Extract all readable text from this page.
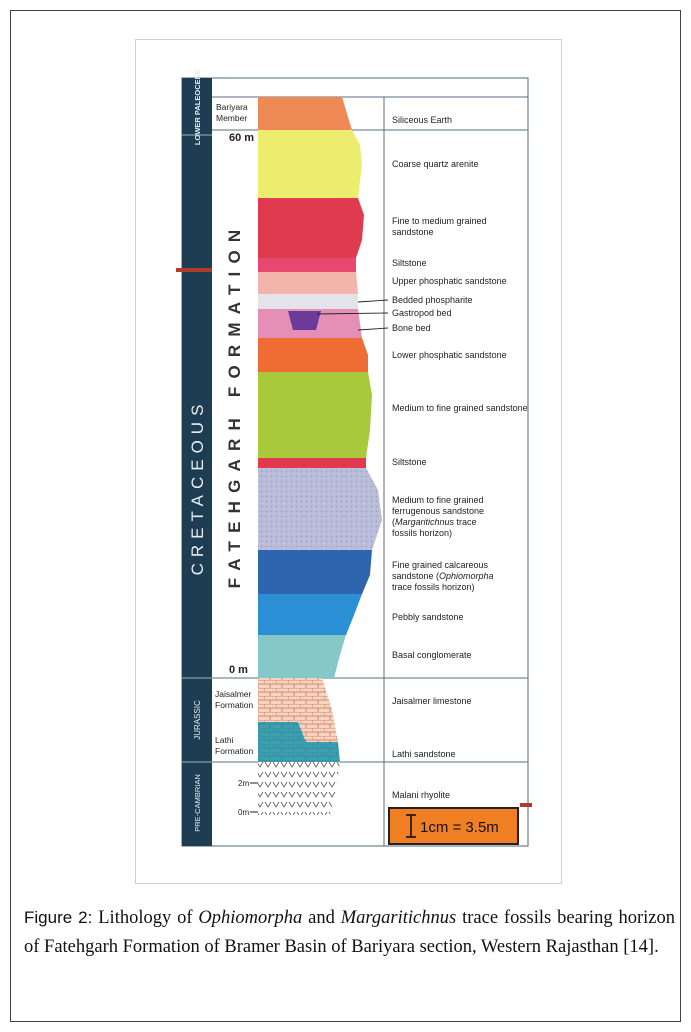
LOWER PALEOCENE
CRETACEOUS
JURASSIC
PRE-CAMBRIAN
Bariyara Member
60 m
FATEHGARH FORMATION
0 m
Jaisalmer Formation
Lathi Formation
2m
0m
Siliceous Earth
Coarse quartz arenite
Fine to medium grained sandstone
Siltstone
Upper phosphatic sandstone
Bedded phospharite
Gastropod bed
Bone bed
Lower phosphatic sandstone
Medium to fine grained sandstone
Siltstone
Medium to fine grained
ferrugenous sandstone
(Margaritichnus trace
fossils horizon)
Fine grained calcareous
sandstone (Ophiomorpha
trace fossils horizon)
Pebbly sandstone
Basal conglomerate
Jaisalmer limestone
Lathi sandstone
Malani rhyolite
1cm = 3.5m

Figure 2: Lithology of Ophiomorpha and Margaritichnus trace fossils bearing horizon of Fatehgarh Formation of Bramer Basin of Bariyara section, Western Rajasthan [14].
